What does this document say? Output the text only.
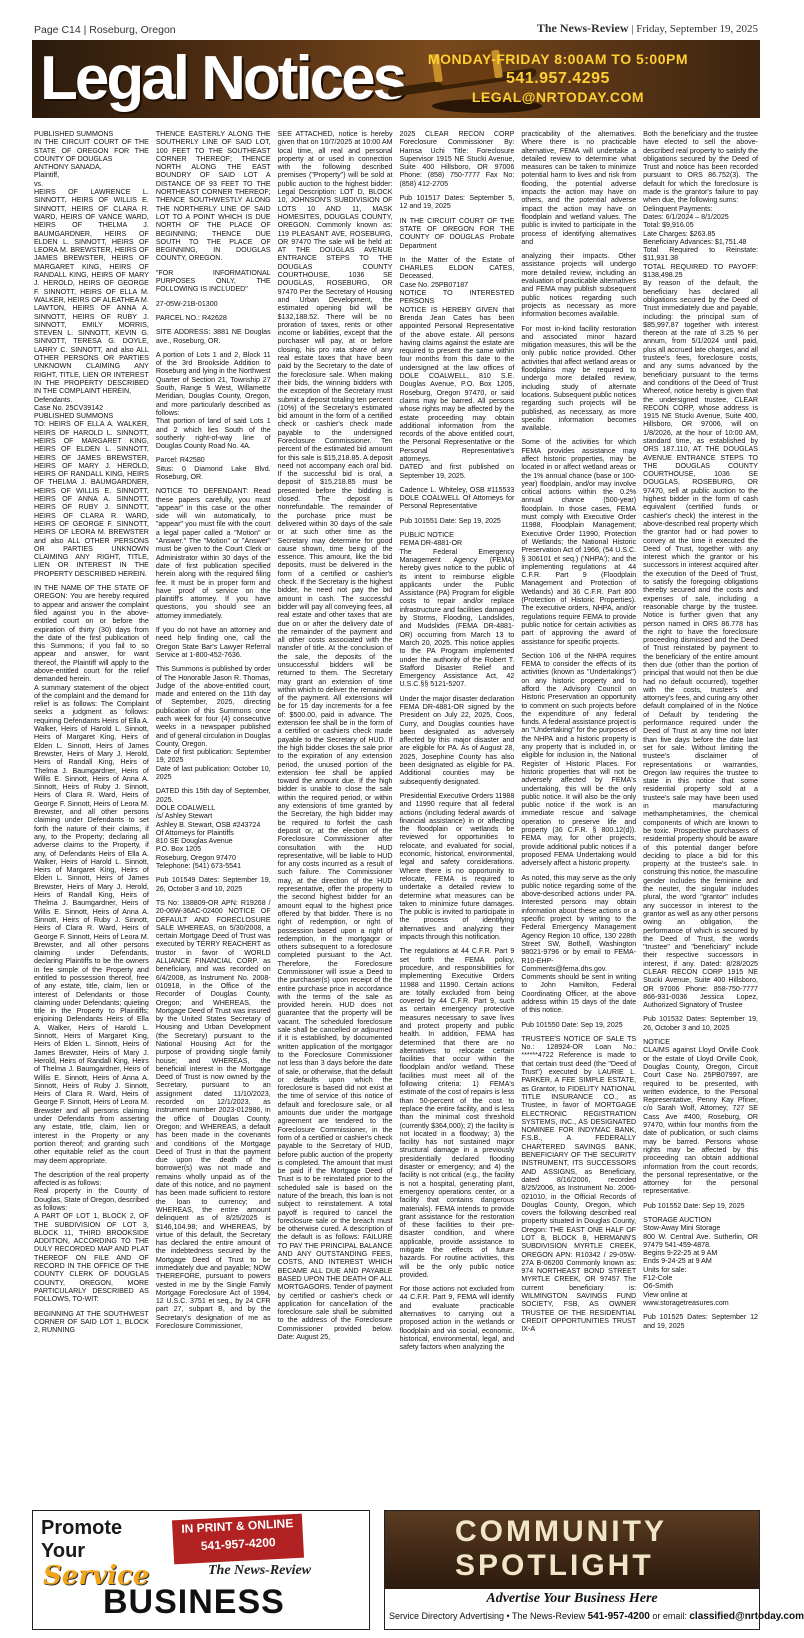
Page C14 | Roseburg, Oregon	The News-Review | Friday, September 19, 2025
Legal Notices MONDAY-FRIDAY 8:00AM TO 5:00PM
541.957.4295
LEGAL@NRTODAY.COM

PUBLISHED SUMMONS
IN THE CIRCUIT COURT OF THE STATE OF OREGON FOR THE COUNTY OF DOUGLAS
ANTHONY SANADA,
Plaintiff,
vs.
HEIRS OF LAWRENCE L. SINNOTT, HEIRS OF WILLIS E. SINNOTT, HEIRS OF CLARA R. WARD, HEIRS OF VANCE WARD, HEIRS OF THELMA J. BAUMGARDNER, HEIRS OF ELDEN L. SINNOTT, HEIRS OF LEORA M. BREWSTER, HEIRS OF JAMES BREWSTER, HEIRS OF MARGARET KING, HEIRS OF RANDALL KING, HEIRS OF MARY J. HEROLD, HEIRS OF GEORGE F. SINNOTT, HEIRS OF ELLA M. WALKER, HEIRS OF ALEATHEA M. LAWTON, HEIRS OF ANNA A. SINNOTT, HEIRS OF RUBY J. SINNOTT, EMILY MORRIS, STEVEN L. SINNOTT, KEVIN G. SINNOTT, TERESA G. DOYLE, LARRY C. SINNOTT, and also ALL OTHER PERSONS OR PARTIES UNKNOWN CLAIMING ANY RIGHT, TITLE, LIEN OR INTEREST IN THE PROPERTY DESCRIBED IN THE COMPLAINT HEREIN,
Defendants.
Case No. 25CV39142
PUBLISHED SUMMONS
TO: HEIRS OF ELLA A. WALKER, HEIRS OF HAROLD L. SINNOTT, HEIRS OF MARGARET KING, HEIRS OF ELDEN L. SINNOTT, HEIRS OF JAMES BREWSTER, HEIRS OF MARY J. HEROLD, HEIRS OF RANDALL KING, HEIRS OF THELMA J. BAUMGARDNER, HEIRS OF WILLIS E. SINNOTT, HEIRS OF ANNA A. SINNOTT, HEIRS OF RUBY J. SINNOTT, HEIRS OF CLARA R. WARD, HEIRS OF GEORGE F. SINNOTT, HEIRS OF LEORA M. BREWSTER and also ALL OTHER PERSONS OR PARTIES UNKNOWN CLAIMING ANY RIGHT, TITLE, LIEN OR INTEREST IN THE PROPERTY DESCRIBED HEREIN.

IN THE NAME OF THE STATE OF OREGON: You are hereby required to appear and answer the complaint filed against you in the above-entitled court on or before the expiration of thirty (30) days from the date of the first publication of this Summons; if you fail to so appear and answer, for want thereof, the Plaintiff will apply to the above-entitled court for the relief demanded herein.
A summary statement of the object of the complaint and the demand for relief is as follows: The Complaint seeks a judgment as follows: requiring Defendants Heirs of Ella A. Walker, Heirs of Harold L. Sinnott, Heirs of Margaret King, Heirs of Elden L. Sinnott, Heirs of James Brewster, Heirs of Mary J. Herold, Heirs of Randall King, Heirs of Thelma J. Baumgardner, Heirs of Willis E. Sinnott, Heirs of Anna A. Sinnott, Heirs of Ruby J. Sinnott, Heirs of Clara R. Ward, Heirs of George F. Sinnott, Heirs of Leora M. Brewster, and all other persons claiming under Defendants to set forth the nature of their claims, if any, to the Property; declaring all adverse claims to the Property, if any, of Defendants Heirs of Ella A. Walker, Heirs of Harold L. Sinnott, Heirs of Margaret King, Heirs of Elden L. Sinnott, Heirs of James Brewster, Heirs of Mary J. Herold, Heirs of Randall King, Heirs of Thelma J. Baumgardner, Heirs of Willis E. Sinnott, Heirs of Anna A. Sinnott, Heirs of Ruby J. Sinnott, Heirs of Clara R. Ward, Heirs of George F. Sinnott, Heirs of Leora M. Brewster, and all other persons claiming under Defendants, declaring Plaintiffs to be the owners in fee simple of the Property and entitled to possession thereof, free of any estate, title, claim, lien or interest of Defendants or those claiming under Defendants; quieting title in the Property to Plaintiffs; enjoining Defendants Heirs of Ella A. Walker, Heirs of Harold L. Sinnott, Heirs of Margaret King, Heirs of Elden L. Sinnott, Heirs of James Brewster, Heirs of Mary J. Herold, Heirs of Randall King, Heirs of Thelma J. Baumgardner, Heirs of Willis E. Sinnott, Heirs of Anna A. Sinnott, Heirs of Ruby J. Sinnott, Heirs of Clara R. Ward, Heirs of George F. Sinnott, Heirs of Leora M. Brewster and all persons claiming under Defendants from asserting any estate, title, claim, lien or interest in the Property or any portion thereof; and granting such other equitable relief as the court may deem appropriate.

The description of the real property affected is as follows:
Real property in the County of Douglas, State of Oregon, described as follows:
A PART OF LOT 1, BLOCK 2, OF THE SUBDIVISION OF LOT 3, BLOCK 11, THIRD BROOKSIDE ADDITION, ACCORDING TO THE DULY RECORDED MAP AND PLAT THEREOF ON FILE AND OF RECORD IN THE OFFICE OF THE COUNTY CLERK OF DOUGLAS COUNTY, OREGON, MORE PARTICULARLY DESCRIBED AS FOLLOWS, TO-WIT:

BEGINNING AT THE SOUTHWEST CORNER OF SAID LOT 1, BLOCK 2, RUNNING

THENCE EASTERLY ALONG THE SOUTHERLY LINE OF SAID LOT, 100 FEET TO THE SOUTHEAST CORNER THEREOF; THENCE NORTH ALONG THE EAST BOUNDRY OF SAID LOT A DISTANCE OF 93 FEET TO THE NORTHEAST CORNER THEREOF; THENCE SOUTHWESTLY ALONG THE NORTHERLY LINE OF SAID LOT TO A POINT WHICH IS DUE NORTH OF THE PLACE OF BEGINNING; THENCE DUE SOUTH TO THE PLACE OF BEGINNING, IN DOUGLAS COUNTY, OREGON.

"FOR INFORMATIONAL PURPOSES ONLY, THE FOLLOWING IS INCLUDED"

27-05W-21B-01300

PARCEL NO.: R42628

SITE ADDRESS: 3881 NE Douglas ave., Roseburg, OR.

A portion of Lots 1 and 2, Block 11 of the 3rd Brookside Addition to Roseburg and lying in the Northwest Quarter of Section 21, Township 27 South, Range 5 West, Willamette Meridian, Douglas County, Oregon, and more particularly described as follows:
That portion of land of said Lots 1 and 2 which lies South of the southerly right-of-way line of Douglas County Road No. 4A.

Parcel: R42580
Situs: 0 Diamond Lake Blvd. Roseburg, OR.

NOTICE TO DEFENDANT: Read these papers carefully, you must "appear" in this case or the other side will win automatically, to "appear" you must file with the court a legal paper called a "Motion" or "Answer." The "Motion" or "Answer" must be given to the Court Clerk or Administrator within 30 days of the date of first publication specified herein along with the required filing fee. It must be in proper form and have proof of service on the plaintiff's attorney. If you have questions, you should see an attorney immediately.

If you do not have an attorney and need help finding one, call the Oregon State Bar's Lawyer Referral Service at 1-800-452-7636.

This Summons is published by order of The Honorable Jason R. Thomas, Judge of the above-entitled court, made and entered on the 11th day of September, 2025, directing publication of this Summons once each week for four (4) consecutive weeks in a newspaper published and of general circulation in Douglas County, Oregon.
Date of first publication: September 19, 2025
Date of last publication: October 10, 2025

DATED this 15th day of September, 2025.
DOLE COALWELL
/s/ Ashley Stewart
Ashley B. Stewart, OSB #243724
Of Attorneys for Plaintiffs
810 SE Douglas Avenue
P.O. Box 1205
Roseburg, Oregon 97470
Telephone: (541) 673-5541

Pub 101549 Dates: September 19, 26, October 3 and 10, 2025

TS No: 138809-OR APN: R19268 / 20-06W-36AC-02400 NOTICE OF DEFAULT AND FORECLOSURE SALE WHEREAS, on 5/30/2008, a certain Mortgage Deed of Trust was executed by TERRY REACHERT as trustor in favor of WORLD ALLIANCE FINANCIAL CORP. as beneficiary, and was recorded on 6/4/2008, as Instrument No. 2008-010918, in the Office of the Recorder of Douglas County, Oregon; and WHEREAS, the Mortgage Deed of Trust was insured by the United States Secretary of Housing and Urban Development (the Secretary) pursuant to the National Housing Act for the purpose of providing single family house; and WHEREAS, the beneficial interest in the Mortgage Deed of Trust is now owned by the Secretary, pursuant to an assignment dated 11/10/2023, recorded on 12/1/2023, as instrument number 2023-012986, in the office of Douglas County, Oregon; and WHEREAS, a default has been made in the covenants and conditions of the Mortgage Deed of Trust in that the payment due upon the death of the borrower(s) was not made and remains wholly unpaid as of the date of this notice, and no payment has been made sufficient to restore the loan to currency; and WHEREAS, the entire amount delinquent as of 8/25/2025 is $146,104.98; and WHEREAS, by virtue of this default, the Secretary has declared the entire amount of the indebtedness secured by the Mortgage Deed of Trust to be immediately due and payable; NOW THEREFORE, pursuant to powers vested in me by the Single Family Mortgage Foreclosure Act of 1994, 12 U.S.C. 3751 et seq., by 24 CFR part 27, subpart B, and by the Secretary's designation of me as Foreclosure Commissioner,

SEE ATTACHED, notice is hereby given that on 10/7/2025 at 10:00 AM local time, all real and personal property at or used in connection with the following described premises ("Property") will be sold at public auction to the highest bidder: Legal Description: LOT D, BLOCK 10, JOHNSON'S SUBDIVISION OF LOTS 10 AND 11, MASK HOMESITES, DOUGLAS COUNTY, OREGON. Commonly known as: 119 PLEASANT AVE, ROSEBURG, OR 97470 The sale will be held at: AT THE DOUGLAS AVENUE ENTRANCE STEPS TO THE DOUGLAS COUNTY COURTHOUSE, 1036 SE DOUGLAS, ROSEBURG, OR 97470 Per the Secretary of Housing and Urban Development, the estimated opening bid will be $132,188.52. There will be no proration of taxes, rents or other income or liabilities, except that the purchaser will pay, at or before closing, his pro rata share of any real estate taxes that have been paid by the Secretary to the date of the foreclosure sale. When making their bids, the winning bidders with the exception of the Secretary must submit a deposit totaling ten percent (10%) of the Secretary's estimated bid amount in the form of a certified check or cashier's check made payable to the undersigned Foreclosure Commissioner. Ten percent of the estimated bid amount for this sale is $15,218.85. A deposit need not accompany each oral bid. If the successful bid is oral, a deposit of $15,218.85 must be presented before the bidding is closed. The deposit is nonrefundable. The remainder of the purchase price must be delivered within 30 days of the sale or at such other time as the Secretary may determine for good cause shown, time being of the essence. This amount, like the bid deposits, must be delivered in the form of a certified or cashier's check. If the Secretary is the highest bidder, he need not pay the bid amount in cash. The successful bidder will pay all conveying fees, all real estate and other taxes that are due on or after the delivery date of the remainder of the payment and all other costs associated with the transfer of title. At the conclusion of the sale, the deposits of the unsuccessful bidders will be returned to them. The Secretary may grant an extension of time within which to deliver the remainder of the payment. All extensions will be for 15 day increments for a fee of: $500.00, paid in advance. The extension fee shall be in the form of a certified or cashiers check made payable to the Secretary of HUD. If the high bidder closes the sale prior to the expiration of any extension period, the unused portion of the extension fee shall be applied toward the amount due. If the high bidder is unable to close the sale within the required period, or within any extensions of time granted by the Secretary, the high bidder may be required to forfeit the cash deposit or, at the election of the Foreclosure Commissioner after consultation with the HUD representative, will be liable to HUD for any costs incurred as a result of such failure. The Commissioner may, at the direction of the HUD representative, offer the property to the second highest bidder for an amount equal to the highest price offered by that bidder. There is no right of redemption, or right of possession based upon a right of redemption, in the mortgagor or others subsequent to a foreclosure completed pursuant to the Act. Therefore, the Foreclosure Commissioner will issue a Deed to the purchaser(s) upon receipt of the entire purchase price in accordance with the terms of the sale as provided herein. HUD does not guarantee that the property will be vacant. The scheduled foreclosure sale shall be cancelled or adjourned if it is established, by documented written application of the mortgagor to the Foreclosure Commissioner not less than 3 days before the date of sale, or otherwise, that the default or defaults upon which the foreclosure is based did not exist at the time of service of this notice of default and foreclosure sale, or all amounts due under the mortgage agreement are tendered to the Foreclosure Commissioner, in the form of a certified or cashier's check payable to the Secretary of HUD, before public auction of the property is completed. The amount that must be paid if the Mortgage Deed of Trust is to be reinstated prior to the scheduled sale is based on the nature of the breach, this loan is not subject to reinstatement. A total payoff is required to cancel the foreclosure sale or the breach must be otherwise cured. A description of the default is as follows: FAILURE TO PAY THE PRINCIPAL BALANCE AND ANY OUTSTANDING FEES, COSTS, AND INTEREST WHICH BECAME ALL DUE AND PAYABLE BASED UPON THE DEATH OF ALL MORTGAGORS. Tender of payment by certified or cashier's check or application for cancellation of the foreclosure sale shall be submitted to the address of the Foreclosure Commissioner provided below. Date: August 25,

2025 CLEAR RECON CORP Foreclosure Commissioner By: Hamsa Uchi Title: Foreclosure Supervisor 1915 NE Stucki Avenue, Suite 400 Hillsboro, OR 97006 Phone: (858) 750-7777 Fax No: (858) 412-2705

Pub 101517 Dates: September 5, 12 and 19, 2025

IN THE CIRCUIT COURT OF THE STATE OF OREGON FOR THE COUNTY OF DOUGLAS Probate Department

In the Matter of the Estate of CHARLES ELDON CATES, Deceased.
Case No. 25PB07187
NOTICE TO INTERESTED PERSONS
NOTICE IS HEREBY GIVEN that Brenda Jean Cates has been appointed Personal Representative of the above estate. All persons having claims against the estate are required to present the same within four months from this date to the undersigned at the law offices of DOLE COALWELL, 810 S.E. Douglas Avenue, P.O. Box 1205, Roseburg, Oregon 97470, or said claims may be barred. All persons whose rights may be affected by the estate proceeding may obtain additional information from the records of the above entitled court, the Personal Representative or the Personal Representative's attorneys.
DATED and first published on September 19, 2025.

Cadence L. Whiteley, OSB #115533 DOLE COALWELL Of Attorneys for Personal Representative

Pub 101551 Date: Sep 19, 2025

PUBLIC NOTICE
FEMA DR-4881-OR
The Federal Emergency Management Agency (FEMA) hereby gives notice to the public of its intent to reimburse eligible applicants under the Public Assistance (PA) Program for eligible costs to repair and/or replace infrastructure and facilities damaged by Storms, Flooding, Landslides, and Mudslides (FEMA DR-4881-OR) occurring from March 13 to March 20, 2025. This notice applies to the PA Program implemented under the authority of the Robert T. Stafford Disaster Relief and Emergency Assistance Act, 42 U.S.C.§§ 5121-5207.

Under the major disaster declaration FEMA DR-4881-OR signed by the President on July 22, 2025, Coos, Curry, and Douglas counties have been designated as adversely affected by this major disaster and are eligible for PA. As of August 28, 2025, Josephine County has also been designated as eligible for PA. Additional counties may be subsequently designated.

Presidential Executive Orders 11988 and 11990 require that all federal actions (including federal awards of financial assistance) in or affecting the floodplain or wetlands be reviewed for opportunities to relocate, and evaluated for social, economic, historical, environmental, legal and safety considerations. Where there is no opportunity to relocate, FEMA is required to undertake a detailed review to determine what measures can be taken to minimize future damages. The public is invited to participate in the process of identifying alternatives and analyzing their impacts through this notification.

The regulations at 44 C.F.R. Part 9 set forth the FEMA policy, procedure, and responsibilities for implementing Executive Orders 11988 and 11990. Certain actions are totally excluded from being covered by 44 C.F.R. Part 9, such as certain emergency protective measures necessary to save lives and protect property and public health. In addition, FEMA has determined that there are no alternatives to relocate certain facilities that occur within the floodplain and/or wetland. These facilities must meet all of the following criteria: 1) FEMA's estimate of the cost of repairs is less than 50-percent of the cost to replace the entire facility, and is less than the minimal cost threshold (currently $364,000); 2) the facility is not located in a floodway; 3) the facility has not sustained major structural damage in a previously presidentially declared flooding disaster or emergency; and 4) the facility is not critical (e.g., the facility is not a hospital, generating plant, emergency operations center, or a facility that contains dangerous materials). FEMA intends to provide grant assistance for the restoration of these facilities to their pre-disaster condition, and where applicable, provide assistance to mitigate the effects of future hazards. For routine activities, this will be the only public notice provided.

For those actions not excluded from 44 C.F.R. Part 9, FEMA will identify and evaluate practicable alternatives to carrying out a proposed action in the wetlands or floodplain and via social, economic, historical, environmental, legal, and safety factors when analyzing the

practicability of the alternatives. Where there is no practicable alternative, FEMA will undertake a detailed review to determine what measures can be taken to minimize potential harm to lives and risk from flooding, the potential adverse impacts the action may have on others, and the potential adverse impact the action may have on floodplain and wetland values. The public is invited to participate in the process of identifying alternatives and

analyzing their impacts. Other assistance projects will undergo more detailed review, including an evaluation of practicable alternatives and FEMA may publish subsequent public notices regarding such projects as necessary as more information becomes available.

For most in-kind facility restoration and associated minor hazard mitigation measures, this will be the only public notice provided. Other activities that affect wetland areas or floodplains may be required to undergo more detailed review, including study of alternate locations. Subsequent public notices regarding such projects will be published, as necessary, as more specific information becomes available.

Some of the activities for which FEMA provides assistance may affect historic properties, may be located in or affect wetland areas or the 1% annual chance (base or 100-year) floodplain, and/or may involve critical actions within the 0.2% annual chance (500-year) floodplain. In those cases, FEMA must comply with Executive Order 11988, Floodplain Management; Executive Order 11990, Protection of Wetlands; the National Historic Preservation Act of 1966, (54 U.S.C. § 306101 et seq.) ('NHPA'); and the implementing regulations at 44 C.F.R. Part 9 (Floodplain Management and Protection of Wetlands) and 36 C.F.R. Part 800 (Protection of Historic Properties). The executive orders, NHPA, and/or regulations require FEMA to provide public notice for certain activities as part of approving the award of assistance for specific projects.

Section 106 of the NHPA requires FEMA to consider the effects of its activities (known as "Undertakings") on any historic property and to afford the Advisory Council on Historic Preservation an opportunity to comment on such projects before the expenditure of any federal funds. A federal assistance project is an "Undertaking" for the purposes of the NHPA and a historic property is any property that is included in, or eligible for inclusion in, the National Register of Historic Places. For historic properties that will not be adversely affected by FEMA's undertaking, this will be the only public notice. It will also be the only public notice if the work is an immediate rescue and salvage operation to preserve life and property (36 C.F.R. § 800.12(d)). FEMA may, for other projects, provide additional public notices if a proposed FEMA Undertaking would adversely affect a historic property.

As noted, this may serve as the only public notice regarding some of the above-described actions under PA. Interested persons may obtain information about these actions or a specific project by writing to the Federal Emergency Management Agency Region 10 office, 130 228th Street SW, Bothell, Washington 98021-9796 or by email to FEMA-R10-EHP-Comments@fema.dhs.gov. Comments should be sent in writing to John Hamilton, Federal Coordinating Officer, at the above address within 15 days of the date of this notice.

Pub 101550 Date: Sep 19, 2025

TRUSTEE'S NOTICE OF SALE TS No.: 128924-OR Loan No.: ******4722 Reference is made to that certain trust deed (the "Deed of Trust") executed by LAURIE L. PARKER, A FEE SIMPLE ESTATE, as Grantor, to FIDELITY NATIONAL TITLE INSURANCE CO., as Trustee, in favor of MORTGAGE ELECTRONIC REGISTRATION SYSTEMS, INC., AS DESIGNATED NOMINEE FOR INDYMAC BANK, F.S.B., A FEDERALLY CHARTERED SAVINGS BANK, BENEFICIARY OF THE SECURITY INSTRUMENT, ITS SUCCESSORS AND ASSIGNS, as Beneficiary, dated 8/16/2006, recorded 8/25/2006, as Instrument No. 2006-021010, in the Official Records of Douglas County, Oregon, which covers the following described real property situated in Douglas County, Oregon: THE EAST ONE HALF OF LOT 8, BLOCK 8, HERMANN'S SUBDIVISION MYRTLE CREEK, OREGON APN: R10342 / 29-05W-27A B-06200 Commonly known as: 974 NORTHEAST BOND STREET MYRTLE CREEK, OR 97457 The current beneficiary is: WILMINGTON SAVINGS FUND SOCIETY, FSB, AS OWNER TRUSTEE OF THE RESIDENTIAL CREDIT OPPORTUNITIES TRUST IX-A

Both the beneficiary and the trustee have elected to sell the above-described real property to satisfy the obligations secured by the Deed of Trust and notice has been recorded pursuant to ORS 86.752(3). The default for which the foreclosure is made is the grantor's failure to pay when due, the following sums:
Delinquent Payments:
Dates: 6/1/2024 – 8/1/2025
Total: $9,916.05
Late Charges: $263.85
Beneficiary Advances: $1,751.48
Total Required to Reinstate: $11,931.38
TOTAL REQUIRED TO PAYOFF: $138,498.25
By reason of the default, the beneficiary has declared all obligations secured by the Deed of Trust immediately due and payable, including: the principal sum of $85,997.87 together with interest thereon at the rate of 3.25 % per annum, from 5/1/2024 until paid, plus all accrued late charges, and all trustee's fees, foreclosure costs, and any sums advanced by the beneficiary pursuant to the terms and conditions of the Deed of Trust Whereof, notice hereby is given that the undersigned trustee, CLEAR RECON CORP, whose address is 1915 NE Stucki Avenue, Suite 400, Hillsboro, OR 97006, will on 1/8/2026, at the hour of 10:00 AM, standard time, as established by ORS 187.110, AT THE DOUGLAS AVENUE ENTRANCE STEPS TO THE DOUGLAS COUNTY COURTHOUSE, 1036 SE DOUGLAS, ROSEBURG, OR 97470, sell at public auction to the highest bidder in the form of cash equivalent (certified funds or cashier's check) the interest in the above-described real property which the grantor had or had power to convey at the time it executed the Deed of Trust, together with any interest which the grantor or his successors in interest acquired after the execution of the Deed of Trust, to satisfy the foregoing obligations thereby secured and the costs and expenses of sale, including a reasonable charge by the trustee. Notice is further given that any person named in ORS 86.778 has the right to have the foreclosure proceeding dismissed and the Deed of Trust reinstated by payment to the beneficiary of the entire amount then due (other than the portion of principal that would not then be due had no default occurred), together with the costs, trustee's and attorney's fees, and curing any other default complained of in the Notice of Default by tendering the performance required under the Deed of Trust at any time not later than five days before the date last set for sale. Without limiting the trustee's disclaimer of representations or warranties, Oregon law requires the trustee to state in this notice that some residential property sold at a trustee's sale may have been used in manufacturing methamphetamines, the chemical components of which are known to be toxic. Prospective purchasers of residential property should be aware of this potential danger before deciding to place a bid for this property at the trustee's sale. In construing this notice, the masculine gender includes the feminine and the neuter, the singular includes plural, the word "grantor" includes any successor in interest to the grantor as well as any other persons owing an obligation, the performance of which is secured by the Deed of Trust, the words "trustee" and "beneficiary" include their respective successors in interest, if any. Dated: 8/28/2025 CLEAR RECON CORP 1915 NE Stucki Avenue, Suite 400 Hillsboro, OR 97006 Phone: 858-750-7777 866-931-0036 Jessica Lopez, Authorized Signatory of Trustee

Pub 101532 Dates: September 19, 26, October 3 and 10, 2025

NOTICE
CLAIMS against Lloyd Orville Cook or the estate of Lloyd Orville Cook, Douglas County, Oregon, Circuit Court Case No. 25PB07997, are required to be presented, with written evidence, to the Personal Representative, Penny Kay Pfiner, c/o Sarah Wolf, Attorney, 727 SE Cass Ave #400, Roseburg, OR 97470, within four months from the date of publication, or such claims may be barred. Persons whose rights may be affected by this proceeding can obtain additional information from the court records, the personal representative, or the attorney for the personal representative.

Pub 101552 Date: Sep 19, 2025

STORAGE AUCTION
Stow-Away Mini Storage
800 W. Central Ave. Sutherlin, OR 97479 541-459-4878.
Begins 9-22-25 at 9 AM
Ends 9-24-25 at 9 AM
Units for sale:
F12-Cole
O6-Smith
View online at
www.storagetreasures.com

Pub 101525 Dates: September 12 and 19, 2025

Promote
Your
IN PRINT & ONLINE
541-957-4200
The News-Review
Service
BUSINESS
COMMUNITY
SPOTLIGHT
Advertise Your Business Here
Service Directory Advertising • The News-Review 541-957-4200 or email: classified@nrtoday.com
